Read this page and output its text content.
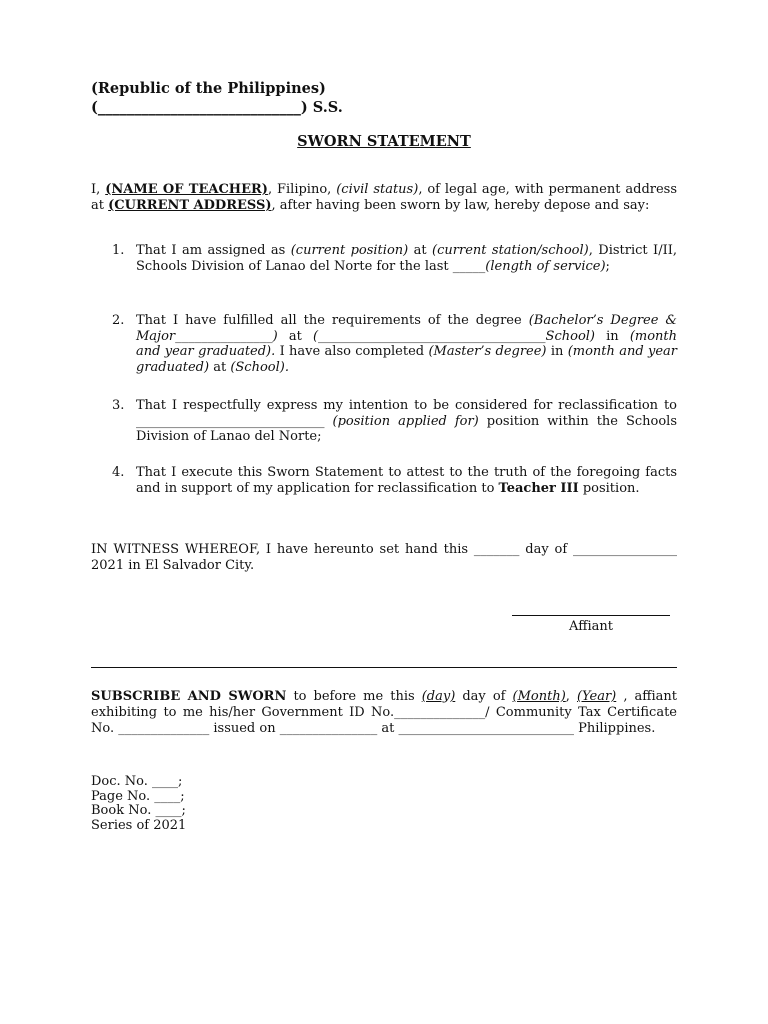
(Republic of the Philippines)
(____________________________) S.S.
SWORN STATEMENT

I, (NAME OF TEACHER), Filipino, (civil status), of legal age, with permanent address at (CURRENT ADDRESS), after having been sworn by law, hereby depose and say:

1. That I am assigned as (current position) at (current station/school), District I/II, Schools Division of Lanao del Norte for the last _____(length of service);
2. That I have fulfilled all the requirements of the degree (Bachelor’s Degree & Major_______________) at (___________________________________School) in (month and year graduated). I have also completed (Master’s degree) in (month and year graduated) at (School).
3. That I respectfully express my intention to be considered for reclassification to _____________________________ (position applied for) position within the Schools Division of Lanao del Norte;
4. That I execute this Sworn Statement to attest to the truth of the foregoing facts and in support of my application for reclassification to Teacher III position.

IN WITNESS WHEREOF, I have hereunto set hand this _______ day of ________________ 2021 in El Salvador City.

Affiant

SUBSCRIBE AND SWORN to before me this (day) day of (Month), (Year) , affiant exhibiting to me his/her Government ID No.______________/ Community Tax Certificate No. ______________ issued on _______________ at ___________________________ Philippines.

Doc. No. ____;
Page No. ____;
Book No. ____;
Series of 2021
